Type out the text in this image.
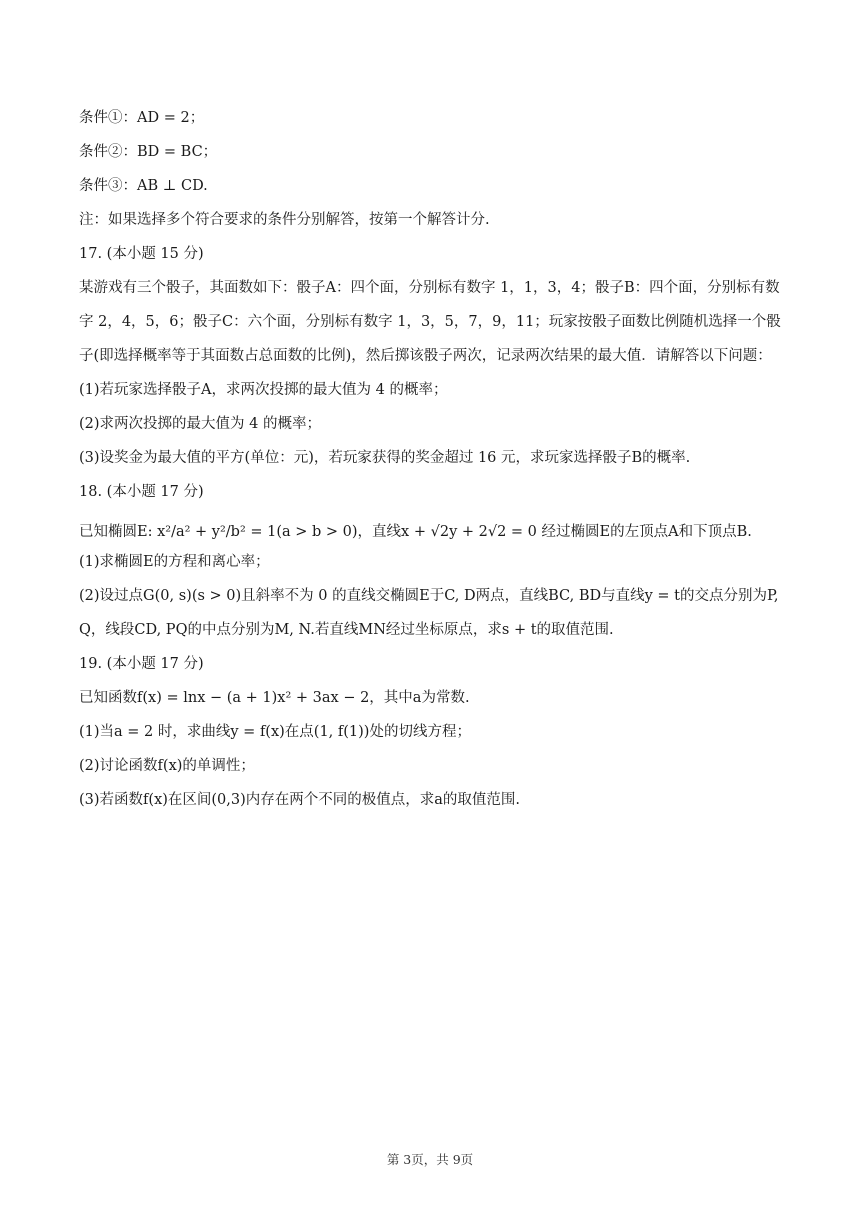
条件①：AD = 2；

条件②：BD = BC；

条件③：AB ⊥ CD.

注：如果选择多个符合要求的条件分别解答，按第一个解答计分.

17. (本小题 15 分)

某游戏有三个骰子，其面数如下：骰子A：四个面，分别标有数字 1，1，3，4；骰子B：四个面，分别标有数字 2，4，5，6；骰子C：六个面，分别标有数字 1，3，5，7，9，11；玩家按骰子面数比例随机选择一个骰子(即选择概率等于其面数占总面数的比例)，然后掷该骰子两次，记录两次结果的最大值．请解答以下问题：

(1)若玩家选择骰子A，求两次投掷的最大值为 4 的概率；

(2)求两次投掷的最大值为 4 的概率；

(3)设奖金为最大值的平方(单位：元)，若玩家获得的奖金超过 16 元，求玩家选择骰子B的概率.

18. (本小题 17 分)

已知椭圆E: x²/a² + y²/b² = 1(a > b > 0)，直线x + √2y + 2√2 = 0 经过椭圆E的左顶点A和下顶点B.

(1)求椭圆E的方程和离心率；

(2)设过点G(0, s)(s > 0)且斜率不为 0 的直线交椭圆E于C, D两点，直线BC, BD与直线y = t的交点分别为P, Q，线段CD, PQ的中点分别为M, N.若直线MN经过坐标原点，求s + t的取值范围.

19. (本小题 17 分)

已知函数f(x) = lnx − (a + 1)x² + 3ax − 2，其中a为常数.

(1)当a = 2 时，求曲线y = f(x)在点(1, f(1))处的切线方程；

(2)讨论函数f(x)的单调性；

(3)若函数f(x)在区间(0,3)内存在两个不同的极值点，求a的取值范围.

第 3页，共 9页
